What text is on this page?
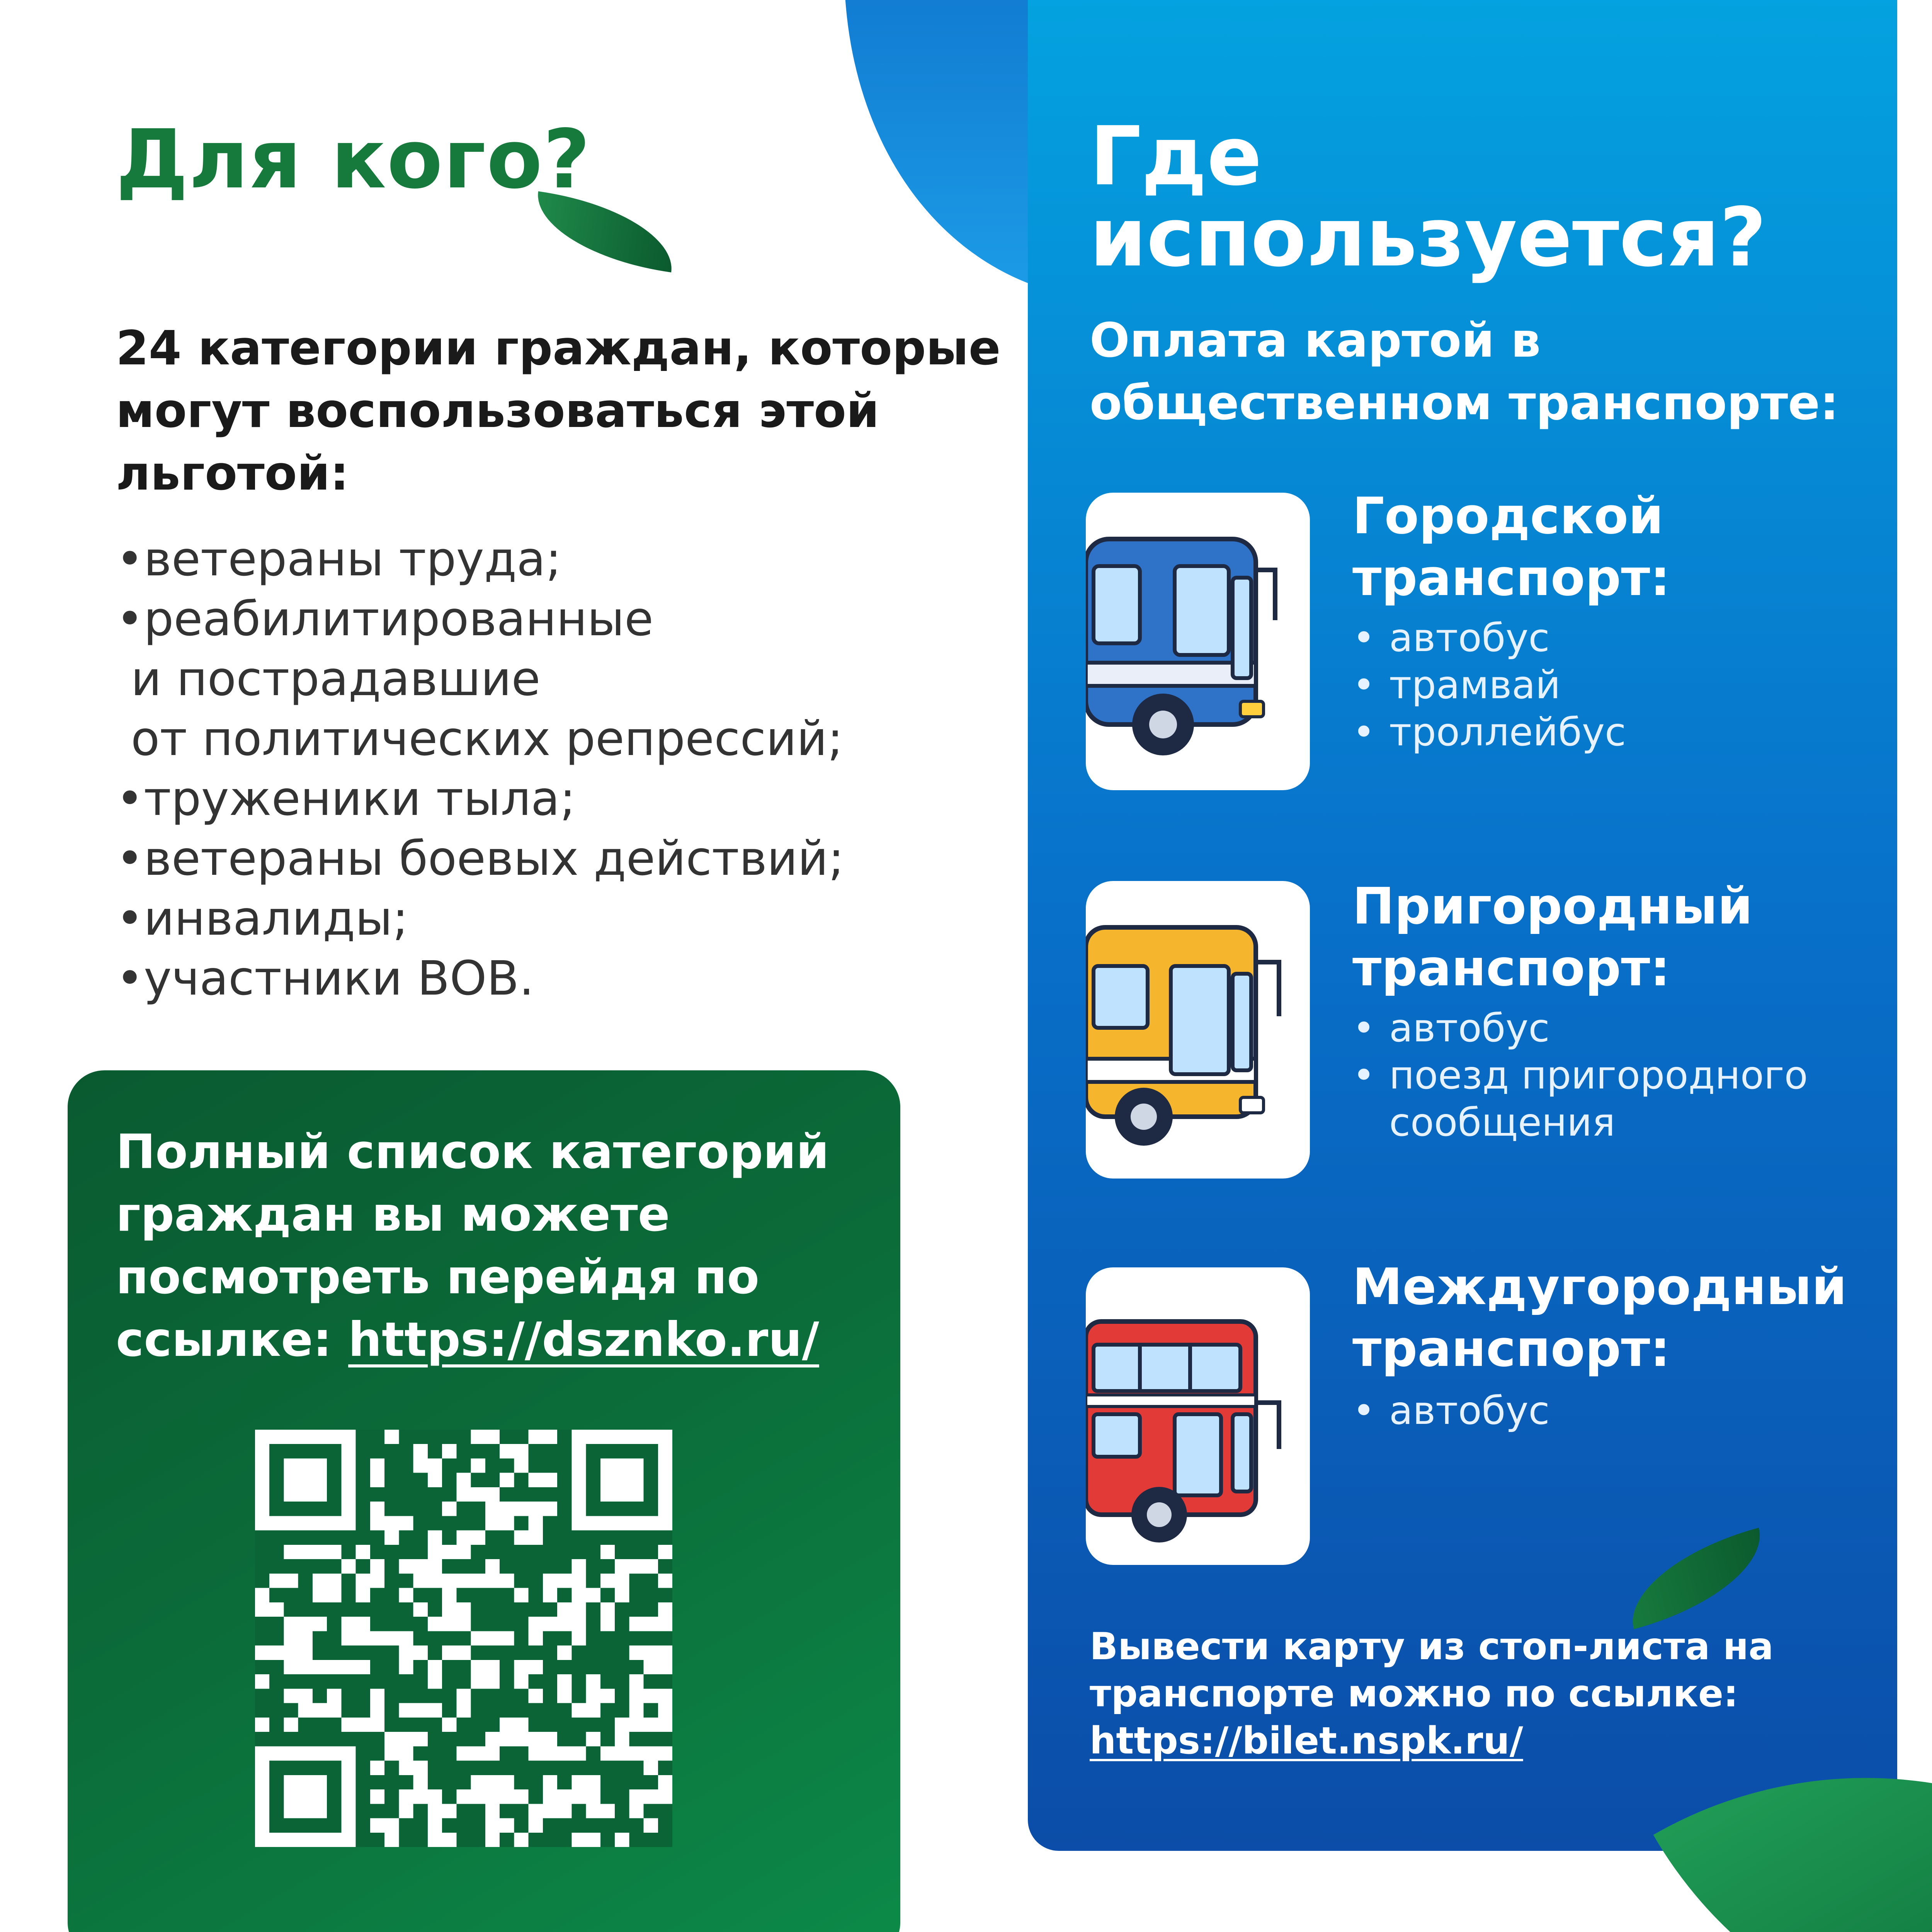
Для кого?
24 категории граждан, которые могут воспользоваться этой льготой:
•ветераны труда;
•реабилитированные
и пострадавшие
от политических репрессий;
•труженики тыла;
•ветераны боевых действий;
•инвалиды;
•участники ВОВ.
Полный список категорий граждан вы можете посмотреть перейдя по ссылке: https://dsznko.ru/
Где
используется?
Оплата картой в общественном транспорте:
Городской транспорт:
• автобус
• трамвай
• троллейбус
Пригородный транспорт:
• автобус
• поезд пригородного сообщения
Междугородный транспорт:
• автобус
Вывести карту из стоп-листа на транспорте можно по ссылке: https://bilet.nspk.ru/
